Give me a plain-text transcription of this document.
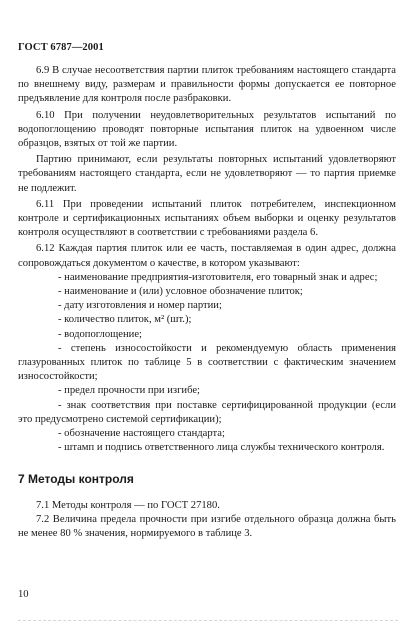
ГОСТ 6787—2001

6.9 В случае несоответствия партии плиток требованиям настоящего стандарта по внешнему виду, размерам и правильности формы допускается ее повторное предъявление для контроля после разбраковки.

6.10 При получении неудовлетворительных результатов испытаний по водопоглощению проводят повторные испытания плиток на удвоенном числе образцов, взятых от той же партии.

Партию принимают, если результаты повторных испытаний удовлетворяют требованиям настоящего стандарта, если не удовлетворяют — то партия приемке не подлежит.

6.11 При проведении испытаний плиток потребителем, инспекционном контроле и сертификационных испытаниях объем выборки и оценку результатов контроля осуществляют в соответствии с требованиями раздела 6.

6.12 Каждая партия плиток или ее часть, поставляемая в один адрес, должна сопровождаться документом о качестве, в котором указывают:

- наименование предприятия-изготовителя, его товарный знак и адрес;

- наименование и (или) условное обозначение плиток;

- дату изготовления и номер партии;

- количество плиток, м² (шт.);

- водопоглощение;

- степень износостойкости и рекомендуемую область применения глазурованных плиток по таблице 5 в соответствии с фактическим значением износостойкости;

- предел прочности при изгибе;

- знак соответствия при поставке сертифицированной продукции (если это предусмотрено системой сертификации);

- обозначение настоящего стандарта;

- штамп и подпись ответственного лица службы технического контроля.

7 Методы контроля

7.1 Методы контроля — по ГОСТ 27180.

7.2 Величина предела прочности при изгибе отдельного образца должна быть не менее 80 % значения, нормируемого в таблице 3.

10
